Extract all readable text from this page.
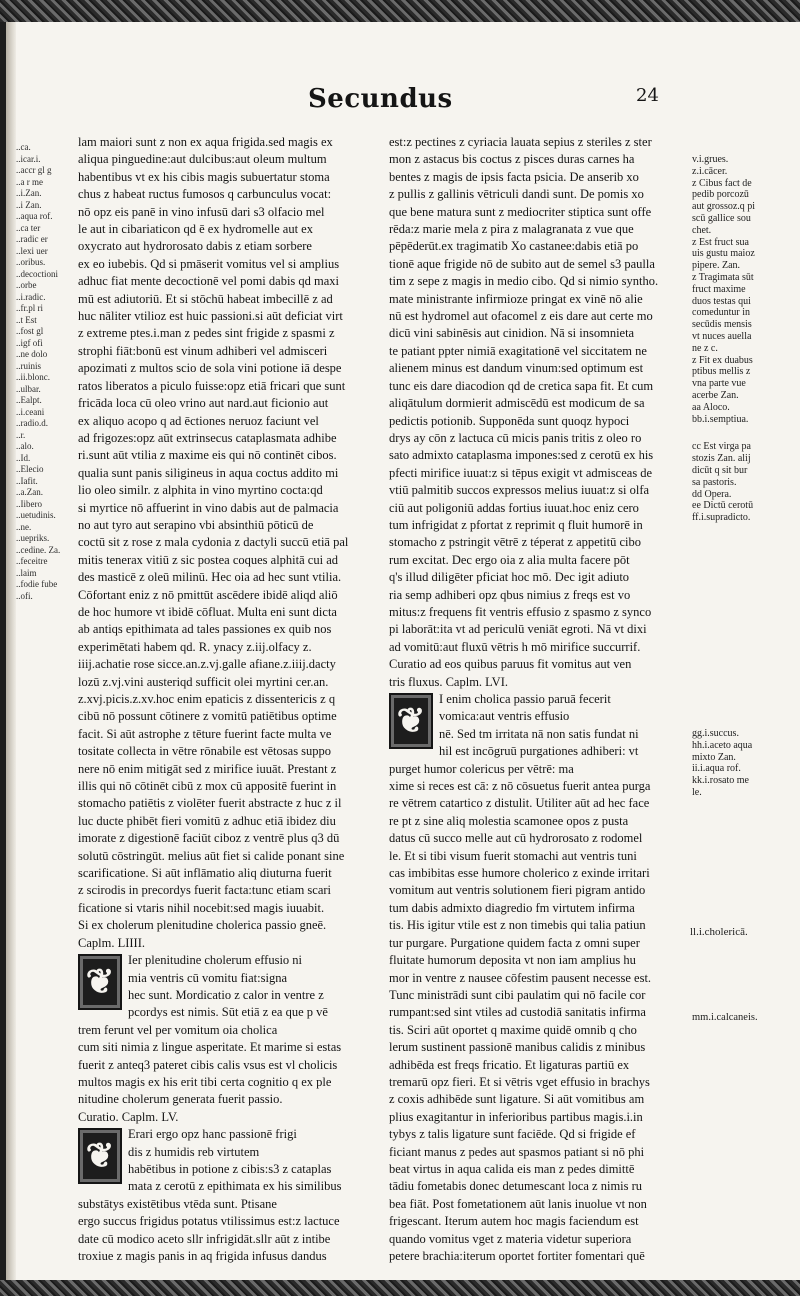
..ca.
..icar.i.
..accr gl g
..a r me
..i.Zan.
..i Zan.
..aqua rof.
..ca ter
..radic er
..lexi uer
..oribus.
..decoctioni
..orbe
..i.radic.
..fr.pl ri
..t Est
..fost gl
..igf ofi
..ne dolo
..ruinis
..ii.blonc.
..ulbar.
..Ealpt.
..i.ceani
..radio.d.
..r.
..alo.
..Id.
..Elecio
..Iafit.
..a.Zan.
..Iibero
..uetudinis.
..ne.
..uepriks.
..cedine. Za.
..feceitre
..laim
..fodie fube
..ofi.
Secundus	24
lam maiori sunt z non ex aqua frigida.sed magis ex
aliqua pinguedine:aut dulcibus:aut oleum multum
habentibus vt ex his cibis magis subuertatur stoma
chus z habeat ructus fumosos q carbunculus vocat:
nō opz eis panē in vino infusū dari s3 olfacio mel
le aut in cibariaticon qd ē ex hydromelle aut ex
oxycrato aut hydrorosato dabis z etiam sorbere
ex eo iubebis. Qd si pmāserit vomitus vel si amplius
adhuc fiat mente decoctionē vel pomi dabis qd maxi
mū est adiutoriū. Et si stōchū habeat imbecillē z ad
huc nāliter vtilioz est huic passioni.si aūt deficiat virt
z extreme ptes.i.man z pedes sint frigide z spasmi z
strophi fiāt:bonū est vinum adhiberi vel admisceri
apozimati z multos scio de sola vini potione iā despe
ratos liberatos a piculo fuisse:opz etiā fricari que sunt
fricāda loca cū oleo vrino aut nard.aut ficionio aut
ex aliquo acopo q ad ēctiones neruoz faciunt vel
ad frigozes:opz aūt extrinsecus cataplasmata adhibe
ri.sunt aūt vtilia z maxime eis qui nō continēt cibos.
qualia sunt panis siligineus in aqua coctus addito mi
lio oleo similr. z alphita in vino myrtino cocta:qd
si myrtice nō affuerint in vino dabis aut de palmacia
no aut tyro aut serapino vbi absinthiū pōticū de
coctū sit z rose z mala cydonia z dactyli succū etiā pal
mitis tenerax vitiū z sic postea coques alphitā cui ad
des masticē z oleū milinū. Hec oia ad hec sunt vtilia.
Cōfortant eniz z nō pmittūt ascēdere ibidē aliqd aliō
de hoc humore vt ibidē cōfluat. Multa eni sunt dicta
ab antiqs epithimata ad tales passiones ex quib nos
experimētati habem qd. R. ynacy z.iij.olfacy z.
iiij.achatie rose sicce.an.z.vj.galle afiane.z.iiij.dacty
lozū z.vj.vini austeriqd sufficit olei myrtini cer.an.
z.xvj.picis.z.xv.hoc enim epaticis z dissentericis z q
cibū nō possunt cōtinere z vomitū patiētibus optime
facit. Si aūt astrophe z tēture fuerint facte multa ve
tositate collecta in vētre rōnabile est vētosas suppo
nere nō enim mitigāt sed z mirifice iuuāt. Prestant z
illis qui nō cōtinēt cibū z mox cū appositē fuerint in
stomacho patiētis z violēter fuerit abstracte z huc z il
luc ducte phibēt fieri vomitū z adhuc etiā ibidez diu
imorate z digestionē faciūt ciboz z ventrē plus q3 dū
solutū cōstringūt. melius aūt fiet si calide ponant sine
scarificatione. Si aūt inflāmatio aliq diuturna fuerit
z scirodis in precordys fuerit facta:tunc etiam scari
ficatione si vtaris nihil nocebit:sed magis iuuabit.
Si ex cholerum plenitudine cholerica passio gneē.
Caplm. LIIII.
❦
Ier plenitudine cholerum effusio ni
mia ventris cū vomitu fiat:signa
hec sunt. Mordicatio z calor in ventre z
pcordys est nimis. Sūt etiā z ea que p vē
trem ferunt vel per vomitum oia cholica
cum siti nimia z lingue asperitate. Et marime si estas
fuerit z anteq3 pateret cibis calis vsus est vl cholicis
multos magis ex his erit tibi certa cognitio q ex ple
nitudine cholerum generata fuerit passio.
Curatio. Caplm. LV.
❦
Erari ergo opz hanc passionē frigi
dis z humidis reb virtutem
habētibus in potione z cibis:s3 z cataplas
mata z cerotū z epithimata ex his similibus
substātys existētibus vtēda sunt. Ptisane
ergo succus frigidus potatus vtilissimus est:z lactuce
date cū modico aceto sllr infrigidāt.sllr aūt z intibe
troxiue z magis panis in aq frigida infusus dandus
est:z pectines z cyriacia lauata sepius z steriles z ster
mon z astacus bis coctus z pisces duras carnes ha
bentes z magis de ipsis facta psicia. De anserib xo
z pullis z gallinis vētriculi dandi sunt. De pomis xo
que bene matura sunt z mediocriter stiptica sunt offe
rēda:z marie mela z pira z malagranata z vue que
pēpēderūt.ex tragimatib Xo castanee:dabis etiā po
tionē aque frigide nō de subito aut de semel s3 paulla
tim z sepe z magis in medio cibo. Qd si nimio syntho.
mate ministrante infirmioze pringat ex vinē nō alie
nū est hydromel aut ofacomel z eis dare aut certe mo
dicū vini sabinēsis aut cinidion. Nā si insomnieta
te patiant ppter nimiā exagitationē vel siccitatem ne
alienem minus est dandum vinum:sed optimum est
tunc eis dare diacodion qd de cretica sapa fit. Et cum
aliqātulum dormierit admiscēdū est modicum de sa
pedictis potionib. Supponēda sunt quoqz hypoci
drys ay cōn z lactuca cū micis panis tritis z oleo ro
sato admixto cataplasma impones:sed z cerotū ex his
pfecti mirifice iuuat:z si tēpus exigit vt admisceas de
vtiū palmitib succos expressos melius iuuat:z si olfa
ciū aut poligoniū addas fortius iuuat.hoc eniz cero
tum infrigidat z pfortat z reprimit q fluit humorē in
stomacho z pstringit vētrē z téperat z appetitū cibo
rum excitat. Dec ergo oia z alia multa facere pōt
q's illud diligēter pficiat hoc mō. Dec igit adiuto
ria semp adhiberi opz qbus nimius z freqs est vo
mitus:z frequens fit ventris effusio z spasmo z synco
pi laborāt:ita vt ad periculū veniāt egroti. Nā vt dixi
ad vomitū:aut fluxū vētris h mō mirifice succurrif.
Curatio ad eos quibus paruus fit vomitus aut ven
tris fluxus. Caplm. LVI.
❦
I enim cholica passio paruā fecerit
vomica:aut ventris effusio
nē. Sed tm irritata nā non satis fundat ni
hil est incōgruū purgationes adhiberi: vt
purget humor colericus per vētrē: ma
xime si reces est cā: z nō cōsuetus fuerit antea purga
re vētrem catartico z distulit. Utiliter aūt ad hec face
re pt z sine aliq molestia scamonee opos z pusta
datus cū succo melle aut cū hydrorosato z rodomel
le. Et si tibi visum fuerit stomachi aut ventris tuni
cas imbibitas esse humore cholerico z exinde irritari
vomitum aut ventris solutionem fieri pigram antido
tum dabis admixto diagredio fm virtutem infirma
tis. His igitur vtile est z non timebis qui talia patiun
tur purgare. Purgatione quidem facta z omni super
fluitate humorum deposita vt non iam amplius hu
mor in ventre z nausee cōfestim pausent necesse est.
Tunc ministrādi sunt cibi paulatim qui nō facile cor
rumpant:sed sint vtiles ad custodiā sanitatis infirma
tis. Sciri aūt oportet q maxime quidē omnib q cho
lerum sustinent passionē manibus calidis z minibus
adhibēda est freqs fricatio. Et ligaturas partiū ex
tremarū opz fieri. Et si vētris vget effusio in brachys
z coxis adhibēde sunt ligature. Si aūt vomitibus am
plius exagitantur in inferioribus partibus magis.i.in
tybys z talis ligature sunt faciēde. Qd si frigide ef
ficiant manus z pedes aut spasmos patiant si nō phi
beat virtus in aqua calida eis man z pedes dimittē
tādiu fometabis donec detumescant loca z nimis ru
bea fiāt. Post fometationem aūt lanis inuolue vt non
frigescant. Iterum autem hoc magis faciendum est
quando vomitus vget z materia videtur superiora
petere brachia:iterum oportet fortiter fomentari quē
v.i.grues.
z.i.cācer.
z Cibus fact de
pedib porcozū
aut grossoz.q pi
scū gallice sou
chet.
z Est fruct sua
uis gustu maioz
pipere. Zan.
z Tragimata sūt
fruct maxime
duos testas qui
comeduntur in
secūdis mensis
vt nuces auella
ne z c.
z Fit ex duabus
ptibus mellis z
vna parte vue
acerbe Zan.
aa Aloco.
bb.i.semptiua.
cc Est virga pa
stozis Zan. alij
dicūt q sit bur
sa pastoris.
dd Opera.
ee Dictū cerotū
ff.i.supradicto.
gg.i.succus.
hh.i.aceto aqua
mixto Zan.
ii.i.aqua rof.
kk.i.rosato me
le.
ll.i.cholericā.
mm.i.calcaneis.
